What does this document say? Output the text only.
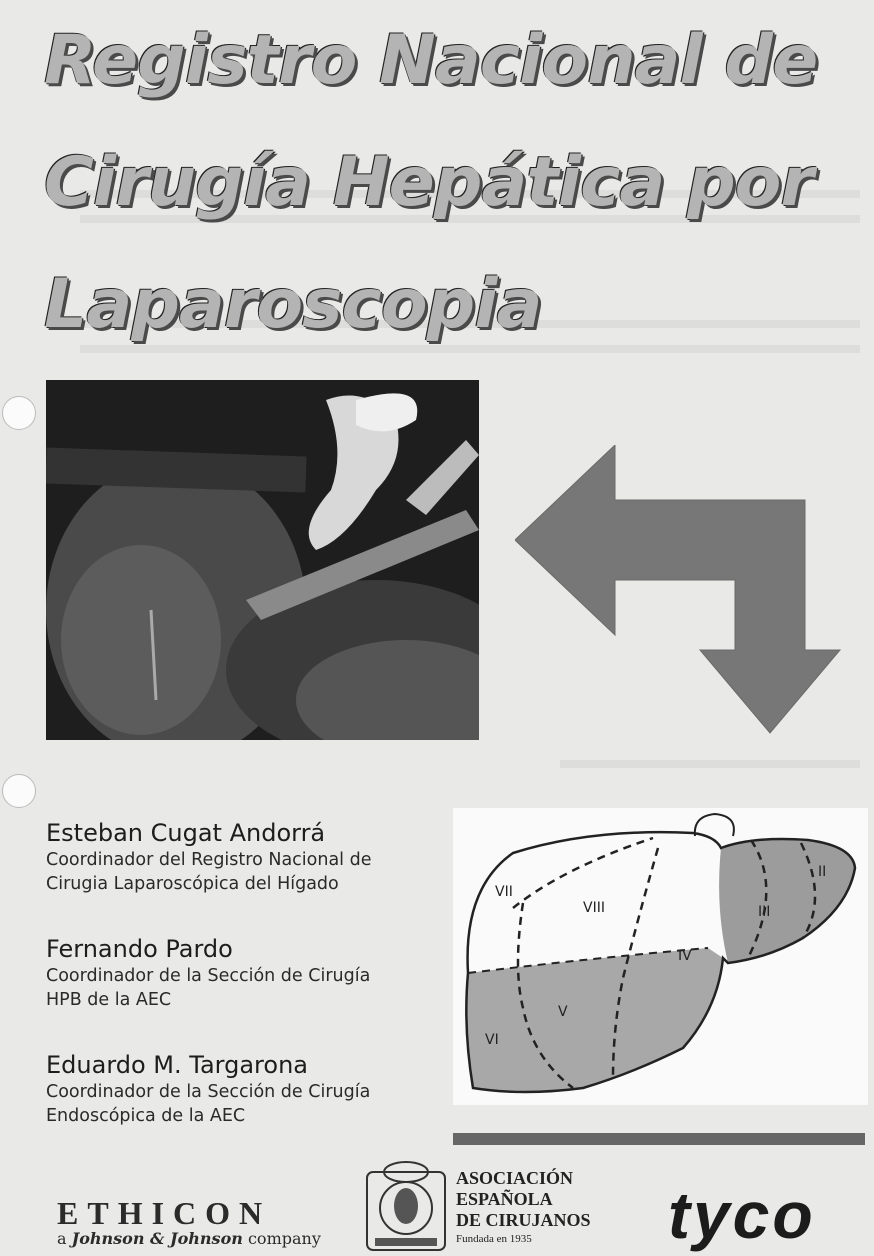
Registro Nacional de
Cirugía Hepática por
Laparoscopia
II
III
IV
V
VI
VII
VIII
Esteban Cugat Andorrá
Coordinador del Registro Nacional de
Cirugia Laparoscópica del Hígado
Fernando Pardo
Coordinador de la Sección de Cirugía
HPB de la AEC
Eduardo M. Targarona
Coordinador de la Sección de Cirugía
Endoscópica de la AEC
ETHICON
a Johnson & Johnson company
ASOCIACIÓN
ESPAÑOLA
DE CIRUJANOS
Fundada en 1935	tyco
